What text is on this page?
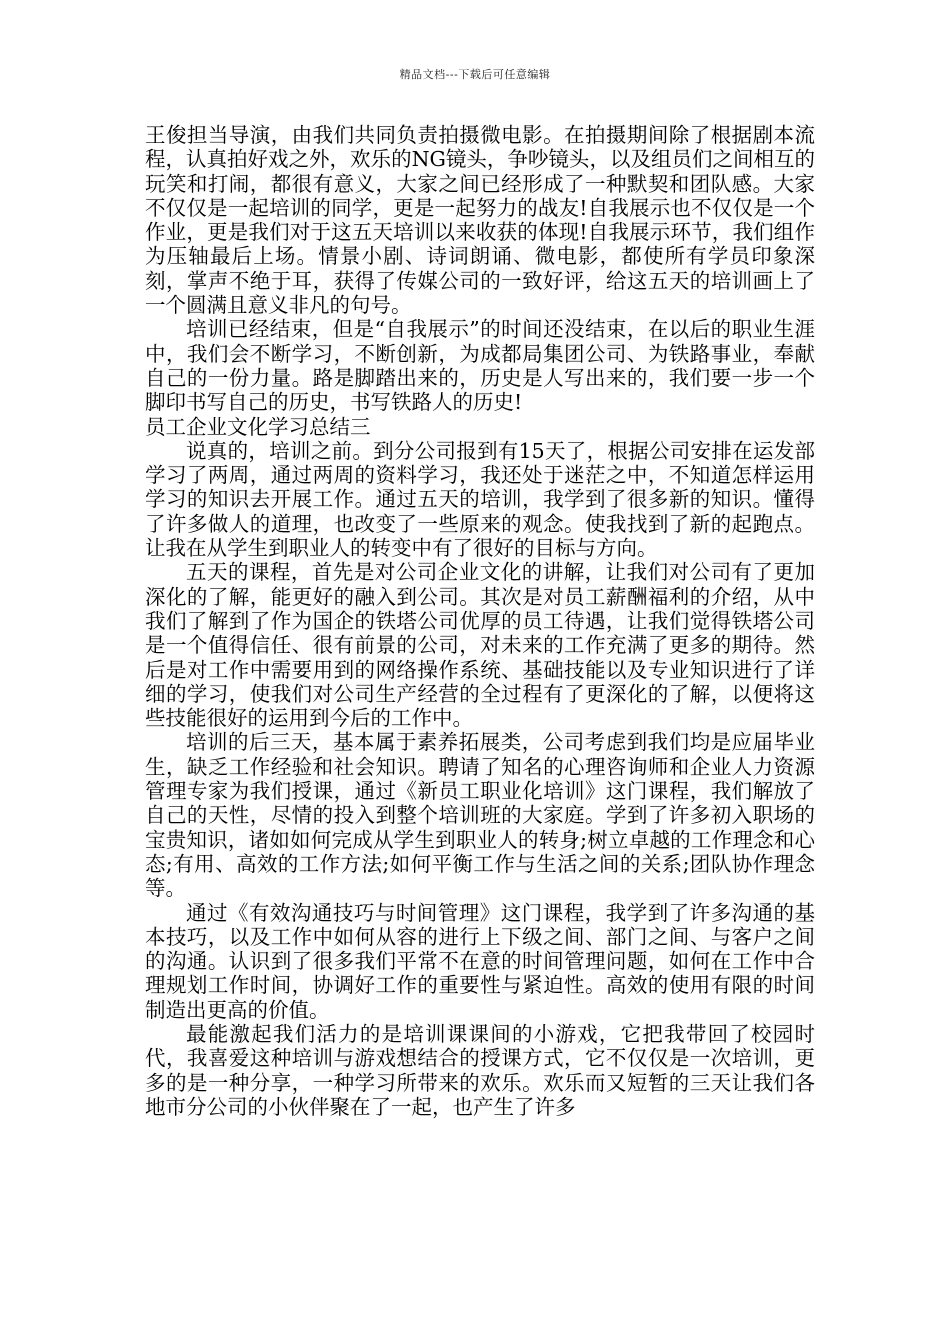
精品文档---下载后可任意编辑

王俊担当导演，由我们共同负责拍摄微电影。在拍摄期间除了根据剧本流程，认真拍好戏之外，欢乐的NG镜头，争吵镜头，以及组员们之间相互的玩笑和打闹，都很有意义，大家之间已经形成了一种默契和团队感。大家不仅仅是一起培训的同学，更是一起努力的战友!自我展示也不仅仅是一个作业，更是我们对于这五天培训以来收获的体现!自我展示环节，我们组作为压轴最后上场。情景小剧、诗词朗诵、微电影，都使所有学员印象深刻，掌声不绝于耳，获得了传媒公司的一致好评，给这五天的培训画上了一个圆满且意义非凡的句号。

培训已经结束，但是“自我展示”的时间还没结束，在以后的职业生涯中，我们会不断学习，不断创新，为成都局集团公司、为铁路事业，奉献自己的一份力量。路是脚踏出来的，历史是人写出来的，我们要一步一个脚印书写自己的历史，书写铁路人的历史!

员工企业文化学习总结三

说真的，培训之前。到分公司报到有15天了，根据公司安排在运发部学习了两周，通过两周的资料学习，我还处于迷茫之中，不知道怎样运用学习的知识去开展工作。通过五天的培训，我学到了很多新的知识。懂得了许多做人的道理，也改变了一些原来的观念。使我找到了新的起跑点。让我在从学生到职业人的转变中有了很好的目标与方向。

五天的课程，首先是对公司企业文化的讲解，让我们对公司有了更加深化的了解，能更好的融入到公司。其次是对员工薪酬福利的介绍，从中我们了解到了作为国企的铁塔公司优厚的员工待遇，让我们觉得铁塔公司是一个值得信任、很有前景的公司，对未来的工作充满了更多的期待。然后是对工作中需要用到的网络操作系统、基础技能以及专业知识进行了详细的学习，使我们对公司生产经营的全过程有了更深化的了解，以便将这些技能很好的运用到今后的工作中。

培训的后三天，基本属于素养拓展类，公司考虑到我们均是应届毕业生，缺乏工作经验和社会知识。聘请了知名的心理咨询师和企业人力资源管理专家为我们授课，通过《新员工职业化培训》这门课程，我们解放了自己的天性，尽情的投入到整个培训班的大家庭。学到了许多初入职场的宝贵知识，诸如如何完成从学生到职业人的转身;树立卓越的工作理念和心态;有用、高效的工作方法;如何平衡工作与生活之间的关系;团队协作理念等。

通过《有效沟通技巧与时间管理》这门课程，我学到了许多沟通的基本技巧，以及工作中如何从容的进行上下级之间、部门之间、与客户之间的沟通。认识到了很多我们平常不在意的时间管理问题，如何在工作中合理规划工作时间，协调好工作的重要性与紧迫性。高效的使用有限的时间制造出更高的价值。

最能激起我们活力的是培训课课间的小游戏，它把我带回了校园时代，我喜爱这种培训与游戏想结合的授课方式，它不仅仅是一次培训，更多的是一种分享，一种学习所带来的欢乐。欢乐而又短暂的三天让我们各地市分公司的小伙伴聚在了一起，也产生了许多
